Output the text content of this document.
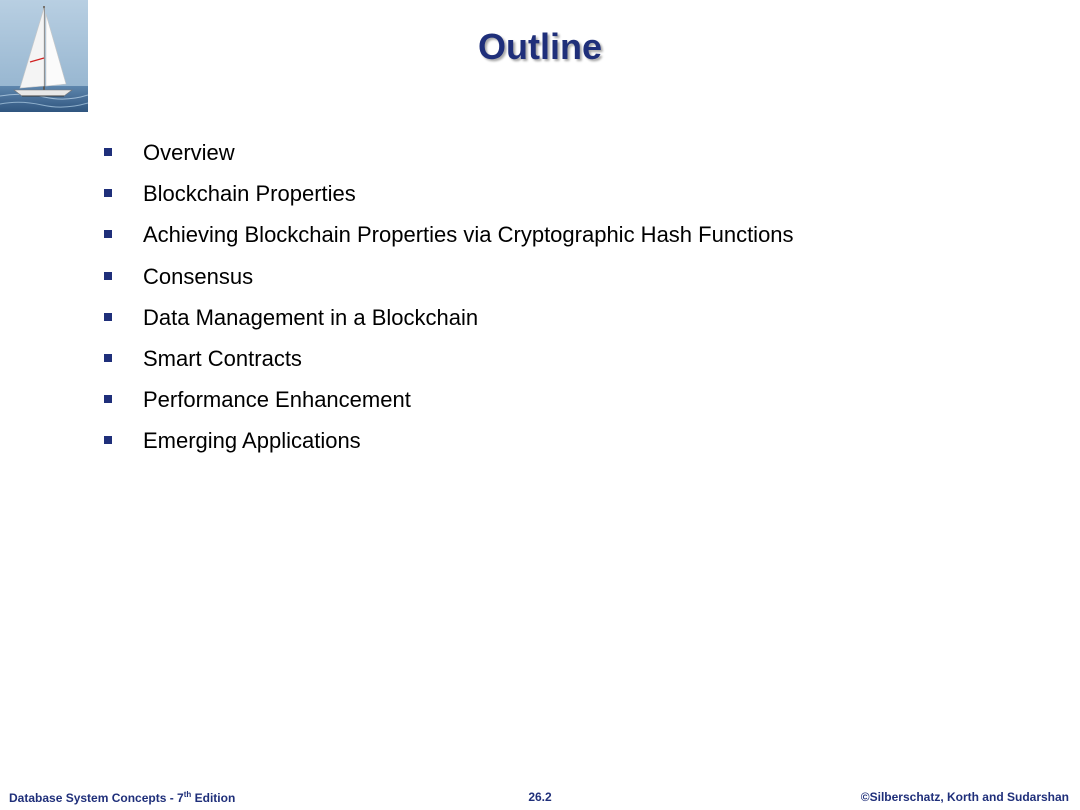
Outline
Overview
Blockchain Properties
Achieving Blockchain Properties via Cryptographic Hash Functions
Consensus
Data Management in a Blockchain
Smart Contracts
Performance Enhancement
Emerging Applications
Database System Concepts - 7th Edition	26.2	©Silberschatz, Korth and Sudarshan
